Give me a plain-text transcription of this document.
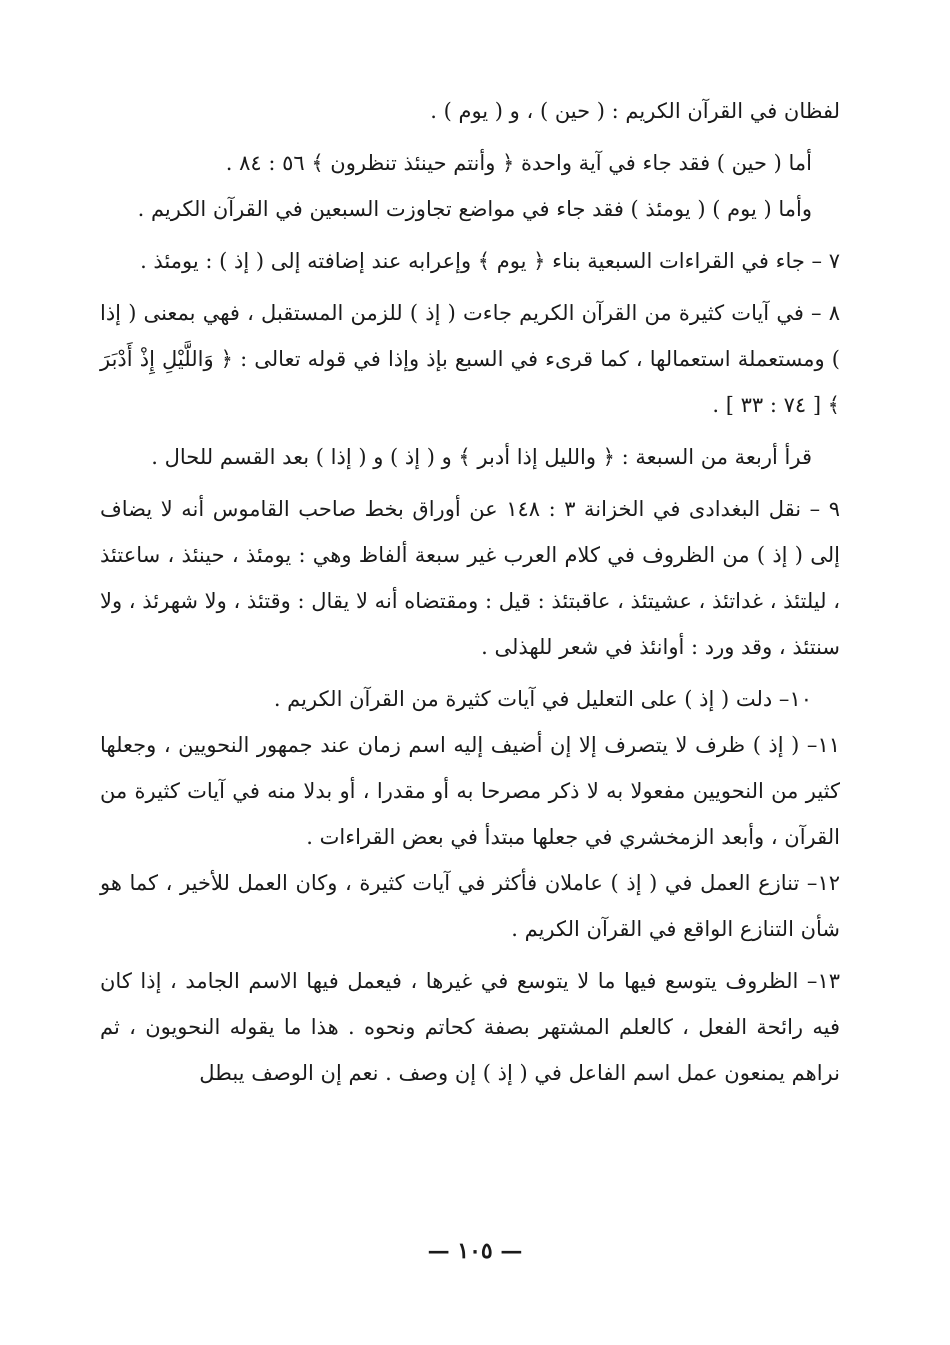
لفظان في القرآن الكريم : ( حين ) ، و ( يوم ) .

أما ( حين ) فقد جاء في آية واحدة ﴿ وأنتم حينئذ تنظرون ﴾ ٥٦ : ٨٤ .

وأما ( يوم ) ( يومئذ ) فقد جاء في مواضع تجاوزت السبعين في القرآن الكريم .

٧ – جاء في القراءات السبعية بناء ﴿ يوم ﴾ وإعرابه عند إضافته إلى ( إذ ) : يومئذ .

٨ – في آيات كثيرة من القرآن الكريم جاءت ( إذ ) للزمن المستقبل ، فهي بمعنى ( إذا ) ومستعملة استعمالها ، كما قرىء في السبع بإذ وإذا في قوله تعالى : ﴿ وَاللَّيْلِ إِذْ أَدْبَرَ ﴾ [ ٧٤ : ٣٣ ] .

قرأ أربعة من السبعة : ﴿ والليل إذا أدبر ﴾ و ( إذ ) و ( إذا ) بعد القسم للحال .

٩ – نقل البغدادى في الخزانة ٣ : ١٤٨ عن أوراق بخط صاحب القاموس أنه لا يضاف إلى ( إذ ) من الظروف في كلام العرب غير سبعة ألفاظ وهي : يومئذ ، حينئذ ، ساعتئذ ، ليلتئذ ، غداتئذ ، عشيتئذ ، عاقبتئذ : قيل : ومقتضاه أنه لا يقال : وقتئذ ، ولا شهرئذ ، ولا سنتئذ ، وقد ورد : أوانئذ في شعر للهذلى .

١٠– دلت ( إذ ) على التعليل في آيات كثيرة من القرآن الكريم .

١١– ( إذ ) ظرف لا يتصرف إلا إن أضيف إليه اسم زمان عند جمهور النحويين ، وجعلها كثير من النحويين مفعولا به لا ذكر مصرحا به أو مقدرا ، أو بدلا منه في آيات كثيرة من القرآن ، وأبعد الزمخشري في جعلها مبتدأ في بعض القراءات .

١٢– تنازع العمل في ( إذ ) عاملان فأكثر في آيات كثيرة ، وكان العمل للأخير ، كما هو شأن التنازع الواقع في القرآن الكريم .

١٣– الظروف يتوسع فيها ما لا يتوسع في غيرها ، فيعمل فيها الاسم الجامد ، إذا كان فيه رائحة الفعل ، كالعلم المشتهر بصفة كحاتم ونحوه . هذا ما يقوله النحويون ، ثم نراهم يمنعون عمل اسم الفاعل في ( إذ ) إن وصف . نعم إن الوصف يبطل

— ١٠٥ —
